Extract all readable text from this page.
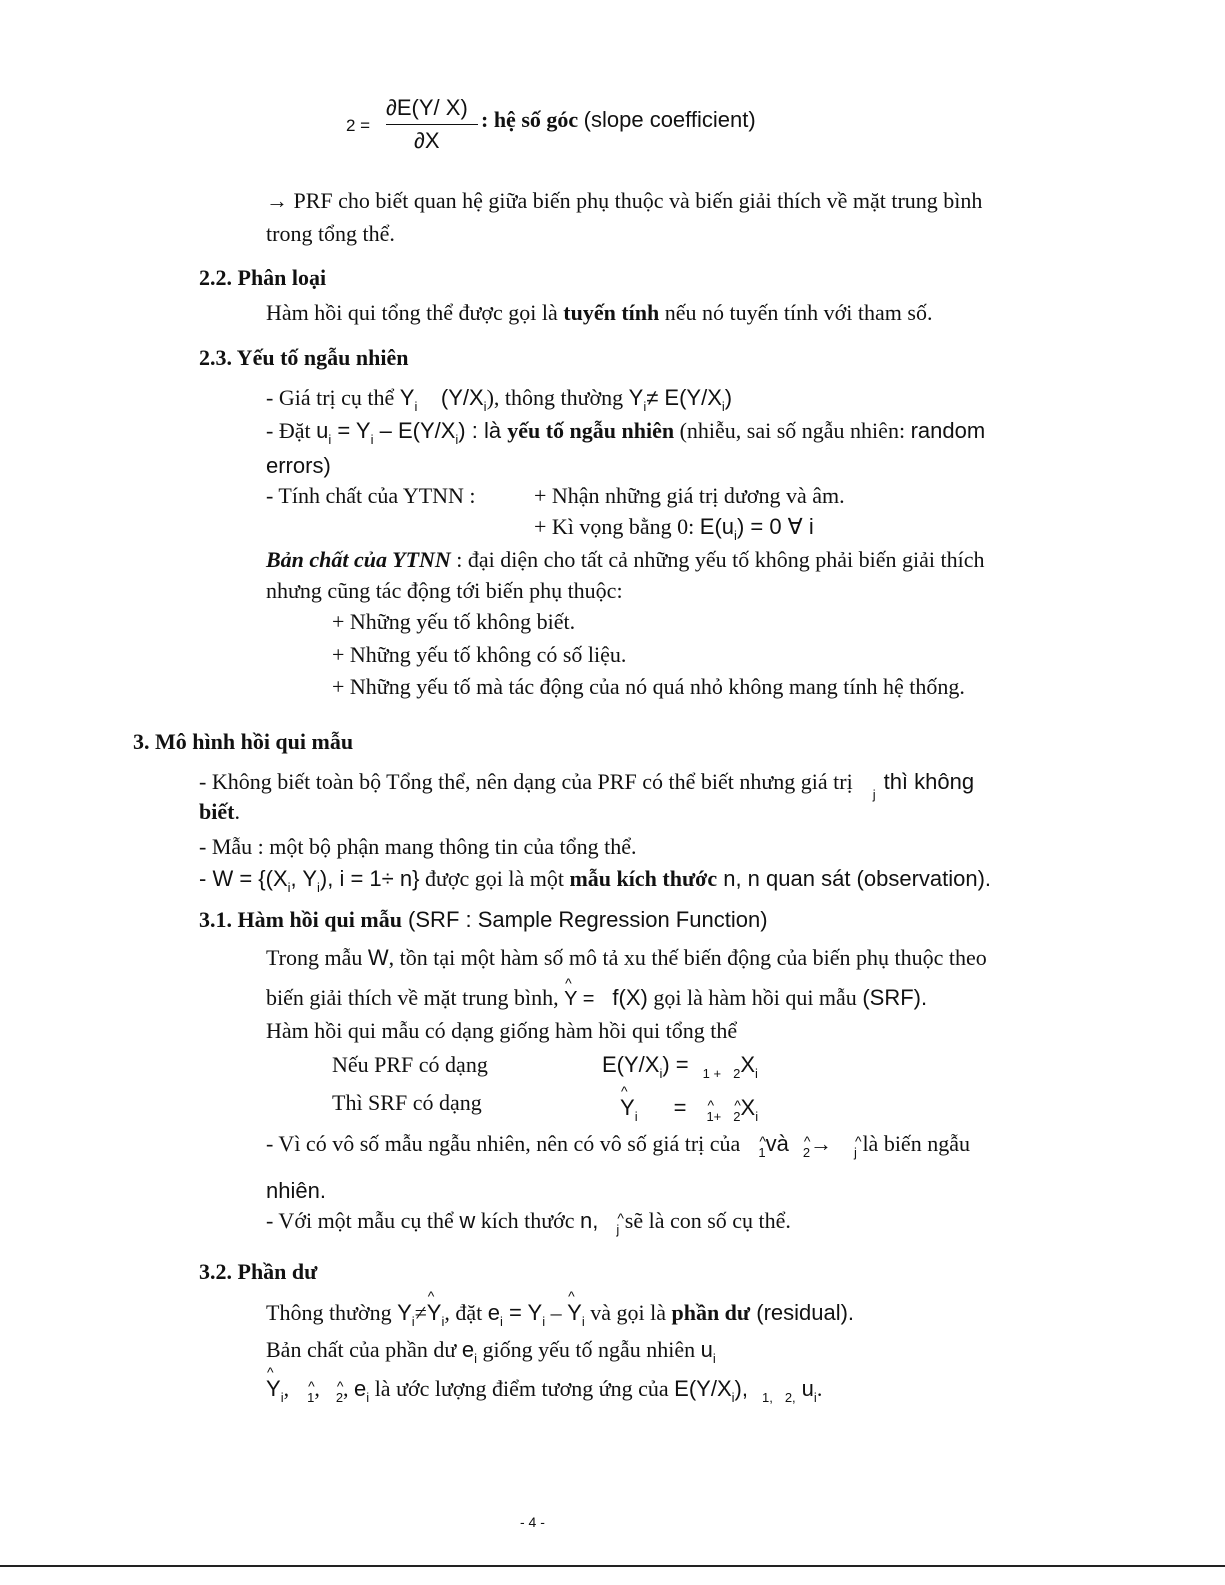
2 =
∂E(Y/ X)
∂X
: hệ số góc (slope coefficient)
→ PRF cho biết quan hệ giữa biến phụ thuộc và biến giải thích về mặt trung bình
trong tổng thể.
2.2. Phân loại
Hàm hồi qui tổng thể được gọi là tuyến tính nếu nó tuyến tính với tham số.
2.3. Yếu tố ngẫu nhiên
- Giá trị cụ thể $Y_i$ $(Y/X_i)$, thông thường $Y_i\ne E(Y/X_i)$
- Đặt $u_i = Y_i - E(Y/X_i)$ : là yếu tố ngẫu nhiên (nhiễu, sai số ngẫu nhiên: random
errors)
- Tính chất của YTNN :	+ Nhận những giá trị dương và âm.
+ Kì vọng bằng 0: $E(u_i) = 0$ ∀ i
Bản chất của YTNN : đại diện cho tất cả những yếu tố không phải biến giải thích
nhưng cũng tác động tới biến phụ thuộc:
+ Những yếu tố không biết.
+ Những yếu tố không có số liệu.
+ Những yếu tố mà tác động của nó quá nhỏ không mang tính hệ thống.
3. Mô hình hồi qui mẫu
- Không biết toàn bộ Tổng thể, nên dạng của PRF có thể biết nhưng giá trị$_j$thì không
biết.
- Mẫu : một bộ phận mang thông tin của tổng thể.
- $W = \{(X_i$, $Y_i$), i = 1÷ n} được gọi là một mẫu kích thước n, n quan sát (observation).
3.1. Hàm hồi qui mẫu (SRF : Sample Regression Function)
Trong mẫu W, tồn tại một hàm số mô tả xu thế biến động của biến phụ thuộc theo
biến giải thích về mặt trung bình, ^ Y = f(X) gọi là hàm hồi qui mẫu (SRF).
Hàm hồi qui mẫu có dạng giống hàm hồi qui tổng thể
Nếu PRF có dạng	$E(Y/X_i) = _{1 +}$ $_2X_i$
Thì SRF có dạng	^ $Y_i$ = ^ 1+ ^ $2X_i$
- Vì có vô số mẫu ngẫu nhiên, nên có vô số giá trị của ^ 1và ^ 2→ ^ j là biến ngẫu
nhiên.
- Với một mẫu cụ thể w kích thước n, ^ j sẽ là con số cụ thể.
3.2. Phần dư
Thông thường $Y_i\ne\^{}$ $Y_i$, đặt $e_i = Y_i$ – ^ $Y_i$ và gọi là phần dư (residual).
Bản chất của phần dư $e_i$ giống yếu tố ngẫu nhiên $u_i$
^ $Y_i$, ^ 1, ^ 2, $e_i$ là ước lượng điểm tương ứng của $E(Y/X_i)$, $_{1,}$ $_{2,}$ $u_i$.
- 4 -
